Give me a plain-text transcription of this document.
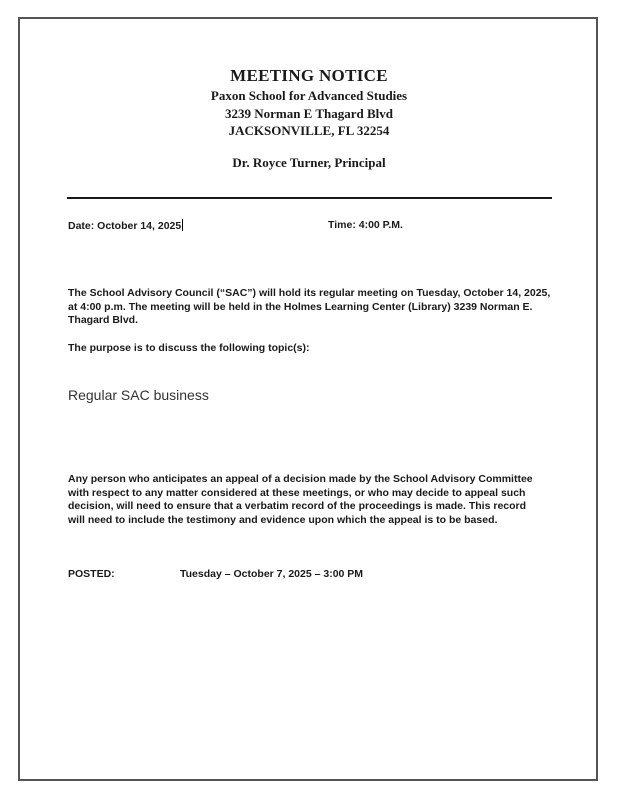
MEETING NOTICE
Paxon School for Advanced Studies
3239 Norman E Thagard Blvd
JACKSONVILLE, FL 32254
Dr. Royce Turner, Principal
Date: October 14, 2025	Time: 4:00 P.M.
The School Advisory Council (“SAC”) will hold its regular meeting on Tuesday, October 14, 2025, at 4:00 p.m. The meeting will be held in the Holmes Learning Center (Library) 3239 Norman E. Thagard Blvd.
The purpose is to discuss the following topic(s):
Regular SAC business
Any person who anticipates an appeal of a decision made by the School Advisory Committee with respect to any matter considered at these meetings, or who may decide to appeal such decision, will need to ensure that a verbatim record of the proceedings is made. This record will need to include the testimony and evidence upon which the appeal is to be based.
POSTED:	Tuesday – October 7, 2025 – 3:00 PM
